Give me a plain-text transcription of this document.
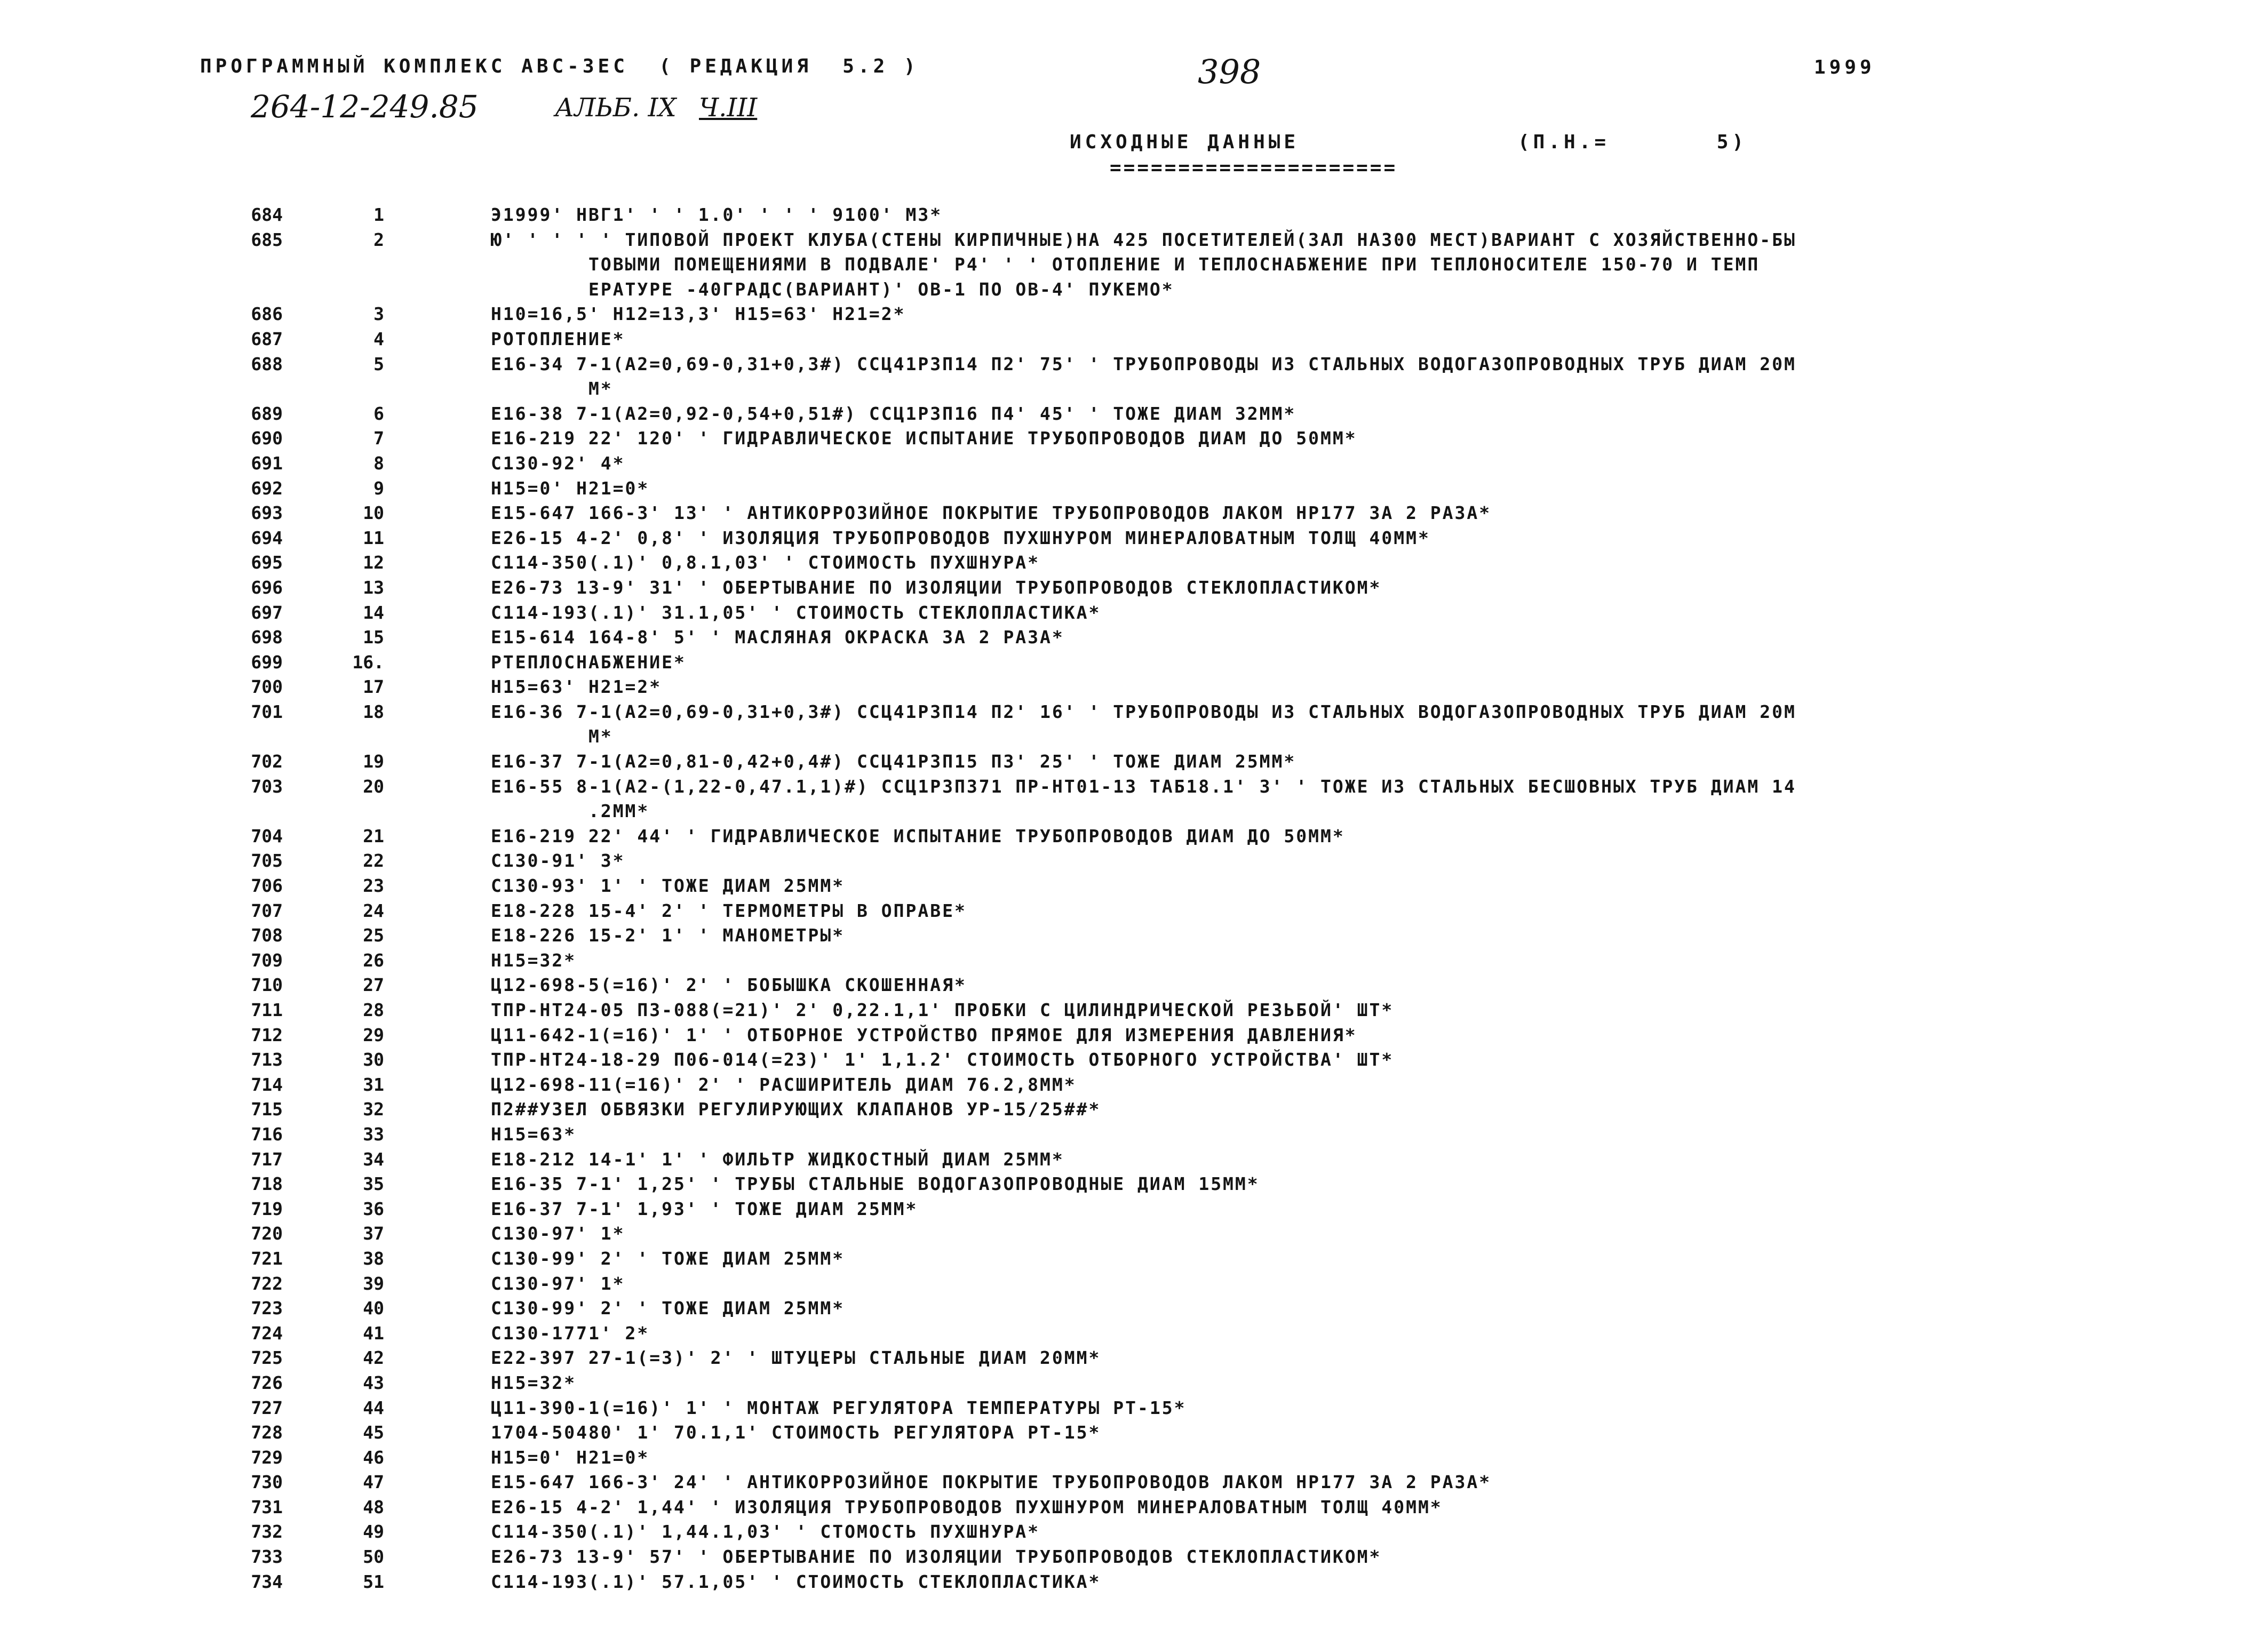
ПРОГРАММНЫЙ КОМПЛЕКС АВС-3ЕС  ( РЕДАКЦИЯ  5.2 )	398	1999
264-12-249.85	АЛЬБ. IX Ч.III
ИСХОДНЫЕ ДАННЫЕ	(П.Н.=       5)
=====================
684	1	Э1999' НВГ1' ' ' 1.0' ' ' ' 9100' М3*
685	2	Ю' ' ' ' ' ТИПОВОЙ ПРОЕКТ КЛУБА(СТЕНЫ КИРПИЧНЫЕ)НА 425 ПОСЕТИТЕЛЕЙ(ЗАЛ НА300 МЕСТ)ВАРИАНТ С ХОЗЯЙСТВЕННО-БЫ
ТОВЫМИ ПОМЕЩЕНИЯМИ В ПОДВАЛЕ' Р4' ' ' ОТОПЛЕНИЕ И ТЕПЛОСНАБЖЕНИЕ ПРИ ТЕПЛОНОСИТЕЛЕ 150-70 И ТЕМП
ЕРАТУРЕ -40ГРАДС(ВАРИАНТ)' ОВ-1 ПО ОВ-4' ПУКЕМО*
686	3	Н10=16,5' Н12=13,3' Н15=63' Н21=2*
687	4	РОТОПЛЕНИЕ*
688	5	Е16-34 7-1(А2=0,69-0,31+0,3#) ССЦ41Р3П14 П2' 75' ' ТРУБОПРОВОДЫ ИЗ СТАЛЬНЫХ ВОДОГАЗОПРОВОДНЫХ ТРУБ ДИАМ 20М
М*
689	6	Е16-38 7-1(А2=0,92-0,54+0,51#) ССЦ1Р3П16 П4' 45' ' ТОЖЕ ДИАМ 32ММ*
690	7	Е16-219 22' 120' ' ГИДРАВЛИЧЕСКОЕ ИСПЫТАНИЕ ТРУБОПРОВОДОВ ДИАМ ДО 50ММ*
691	8	С130-92' 4*
692	9	Н15=0' Н21=0*
693	10	Е15-647 166-3' 13' ' АНТИКОРРОЗИЙНОЕ ПОКРЫТИЕ ТРУБОПРОВОДОВ ЛАКОМ НР177 ЗА 2 РАЗА*
694	11	Е26-15 4-2' 0,8' ' ИЗОЛЯЦИЯ ТРУБОПРОВОДОВ ПУХШНУРОМ МИНЕРАЛОВАТНЫМ ТОЛЩ 40ММ*
695	12	С114-350(.1)' 0,8.1,03' ' СТОИМОСТЬ ПУХШНУРА*
696	13	Е26-73 13-9' 31' ' ОБЕРТЫВАНИЕ ПО ИЗОЛЯЦИИ ТРУБОПРОВОДОВ СТЕКЛОПЛАСТИКОМ*
697	14	С114-193(.1)' 31.1,05' ' СТОИМОСТЬ СТЕКЛОПЛАСТИКА*
698	15	Е15-614 164-8' 5' ' МАСЛЯНАЯ ОКРАСКА ЗА 2 РАЗА*
699	16.	РТЕПЛОСНАБЖЕНИЕ*
700	17	Н15=63' Н21=2*
701	18	Е16-36 7-1(А2=0,69-0,31+0,3#) ССЦ41Р3П14 П2' 16' ' ТРУБОПРОВОДЫ ИЗ СТАЛЬНЫХ ВОДОГАЗОПРОВОДНЫХ ТРУБ ДИАМ 20М
М*
702	19	Е16-37 7-1(А2=0,81-0,42+0,4#) ССЦ41Р3П15 П3' 25' ' ТОЖЕ ДИАМ 25ММ*
703	20	Е16-55 8-1(А2-(1,22-0,47.1,1)#) ССЦ1Р3П371 ПР-НТ01-13 ТАБ18.1' 3' ' ТОЖЕ ИЗ СТАЛЬНЫХ БЕСШОВНЫХ ТРУБ ДИАМ 14
.2ММ*
704	21	Е16-219 22' 44' ' ГИДРАВЛИЧЕСКОЕ ИСПЫТАНИЕ ТРУБОПРОВОДОВ ДИАМ ДО 50ММ*
705	22	С130-91' 3*
706	23	С130-93' 1' ' ТОЖЕ ДИАМ 25ММ*
707	24	Е18-228 15-4' 2' ' ТЕРМОМЕТРЫ В ОПРАВЕ*
708	25	Е18-226 15-2' 1' ' МАНОМЕТРЫ*
709	26	Н15=32*
710	27	Ц12-698-5(=16)' 2' ' БОБЫШКА СКОШЕННАЯ*
711	28	ТПР-НТ24-05 П3-088(=21)' 2' 0,22.1,1' ПРОБКИ С ЦИЛИНДРИЧЕСКОЙ РЕЗЬБОЙ' ШТ*
712	29	Ц11-642-1(=16)' 1' ' ОТБОРНОЕ УСТРОЙСТВО ПРЯМОЕ ДЛЯ ИЗМЕРЕНИЯ ДАВЛЕНИЯ*
713	30	ТПР-НТ24-18-29 П06-014(=23)' 1' 1,1.2' СТОИМОСТЬ ОТБОРНОГО УСТРОЙСТВА' ШТ*
714	31	Ц12-698-11(=16)' 2' ' РАСШИРИТЕЛЬ ДИАМ 76.2,8ММ*
715	32	П2##УЗЕЛ ОБВЯЗКИ РЕГУЛИРУЮЩИХ КЛАПАНОВ УР-15/25##*
716	33	Н15=63*
717	34	Е18-212 14-1' 1' ' ФИЛЬТР ЖИДКОСТНЫЙ ДИАМ 25ММ*
718	35	Е16-35 7-1' 1,25' ' ТРУБЫ СТАЛЬНЫЕ ВОДОГАЗОПРОВОДНЫЕ ДИАМ 15ММ*
719	36	Е16-37 7-1' 1,93' ' ТОЖЕ ДИАМ 25ММ*
720	37	С130-97' 1*
721	38	С130-99' 2' ' ТОЖЕ ДИАМ 25ММ*
722	39	С130-97' 1*
723	40	С130-99' 2' ' ТОЖЕ ДИАМ 25ММ*
724	41	С130-1771' 2*
725	42	Е22-397 27-1(=3)' 2' ' ШТУЦЕРЫ СТАЛЬНЫЕ ДИАМ 20ММ*
726	43	Н15=32*
727	44	Ц11-390-1(=16)' 1' ' МОНТАЖ РЕГУЛЯТОРА ТЕМПЕРАТУРЫ РТ-15*
728	45	1704-50480' 1' 70.1,1' СТОИМОСТЬ РЕГУЛЯТОРА РТ-15*
729	46	Н15=0' Н21=0*
730	47	Е15-647 166-3' 24' ' АНТИКОРРОЗИЙНОЕ ПОКРЫТИЕ ТРУБОПРОВОДОВ ЛАКОМ НР177 ЗА 2 РАЗА*
731	48	Е26-15 4-2' 1,44' ' ИЗОЛЯЦИЯ ТРУБОПРОВОДОВ ПУХШНУРОМ МИНЕРАЛОВАТНЫМ ТОЛЩ 40ММ*
732	49	С114-350(.1)' 1,44.1,03' ' СТОМОСТЬ ПУХШНУРА*
733	50	Е26-73 13-9' 57' ' ОБЕРТЫВАНИЕ ПО ИЗОЛЯЦИИ ТРУБОПРОВОДОВ СТЕКЛОПЛАСТИКОМ*
734	51	С114-193(.1)' 57.1,05' ' СТОИМОСТЬ СТЕКЛОПЛАСТИКА*
